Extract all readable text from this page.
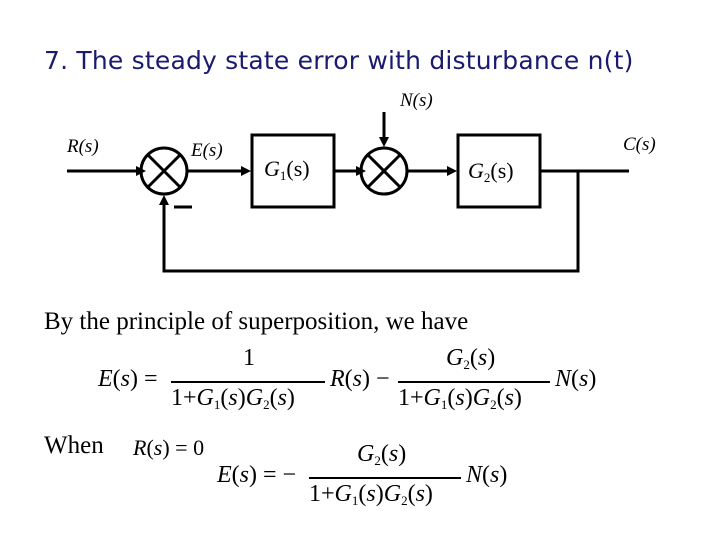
7. The steady state error with disturbance n(t)
N(s)
R(s)	E(s)	C(s)
G1(s)	G2(s)
By the principle of superposition, we have
E(s) =
1
1+G1(s)G2(s)
R(s) −
G2(s)
1+G1(s)G2(s)
N(s)
When R(s) = 0
E(s) = −
G2(s)
1+G1(s)G2(s)
N(s)
